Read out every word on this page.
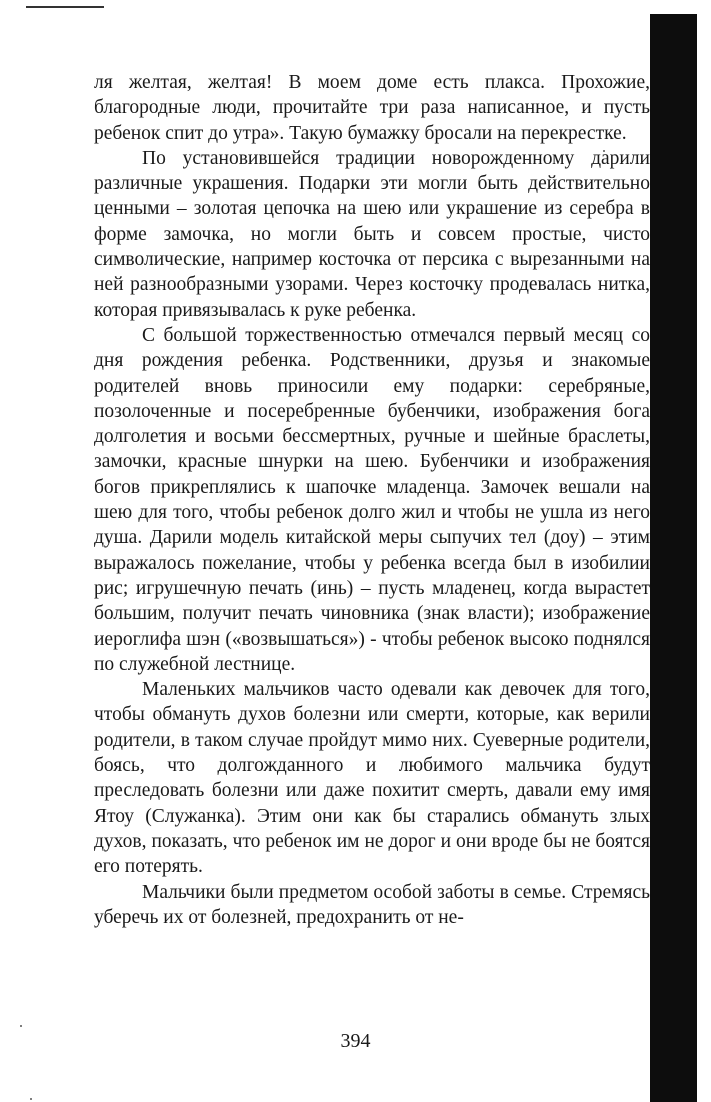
ля желтая, желтая! В моем доме есть плакса. Прохожие, благородные люди, прочитайте три раза написанное, и пусть ребенок спит до утра». Такую бумажку бросали на перекрестке.

По установившейся традиции новорожденному дарили различные украшения. Подарки эти могли быть действительно ценными – золотая цепочка на шею или украшение из серебра в форме замочка, но могли быть и совсем простые, чисто символические, например косточка от персика с вырезанными на ней разнообразными узорами. Через косточку продевалась нитка, которая привязывалась к руке ребенка.

С большой торжественностью отмечался первый месяц со дня рождения ребенка. Родственники, друзья и знакомые родителей вновь приносили ему подарки: серебряные, позолоченные и посеребренные бубенчики, изображения бога долголетия и восьми бессмертных, ручные и шейные браслеты, замочки, красные шнурки на шею. Бубенчики и изображения богов прикреплялись к шапочке младенца. Замочек вешали на шею для того, чтобы ребенок долго жил и чтобы не ушла из него душа. Дарили модель китайской меры сыпучих тел (доу) – этим выражалось пожелание, чтобы у ребенка всегда был в изобилии рис; игрушечную печать (инь) – пусть младенец, когда вырастет большим, получит печать чиновника (знак власти); изображение иероглифа шэн («возвышаться») - чтобы ребенок высоко поднялся по служебной лестнице.

Маленьких мальчиков часто одевали как девочек для того, чтобы обмануть духов болезни или смерти, которые, как верили родители, в таком случае пройдут мимо них. Суеверные родители, боясь, что долгожданного и любимого мальчика будут преследовать болезни или даже похитит смерть, давали ему имя Ятоу (Служанка). Этим они как бы старались обмануть злых духов, показать, что ребенок им не дорог и они вроде бы не боятся его потерять.

Мальчики были предметом особой заботы в семье. Стремясь уберечь их от болезней, предохранить от не-

394
